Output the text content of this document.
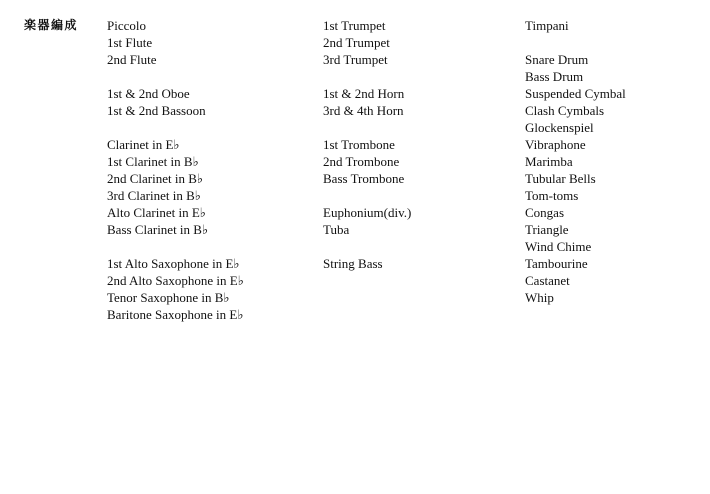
楽器編成 Piccolo
1st Flute
2nd Flute
1st & 2nd Oboe
1st & 2nd Bassoon
Clarinet in E♭
1st Clarinet in B♭
2nd Clarinet in B♭
3rd Clarinet in B♭
Alto Clarinet in E♭
Bass Clarinet in B♭
1st Alto Saxophone in E♭
2nd Alto Saxophone in E♭
Tenor Saxophone in B♭
Baritone Saxophone in E♭
1st Trumpet
2nd Trumpet
3rd Trumpet
1st & 2nd Horn
3rd & 4th Horn
1st Trombone
2nd Trombone
Bass Trombone
Euphonium(div.)
Tuba
String Bass
Timpani
Snare Drum
Bass Drum
Suspended Cymbal
Clash Cymbals
Glockenspiel
Vibraphone
Marimba
Tubular Bells
Tom-toms
Congas
Triangle
Wind Chime
Tambourine
Castanet
Whip
